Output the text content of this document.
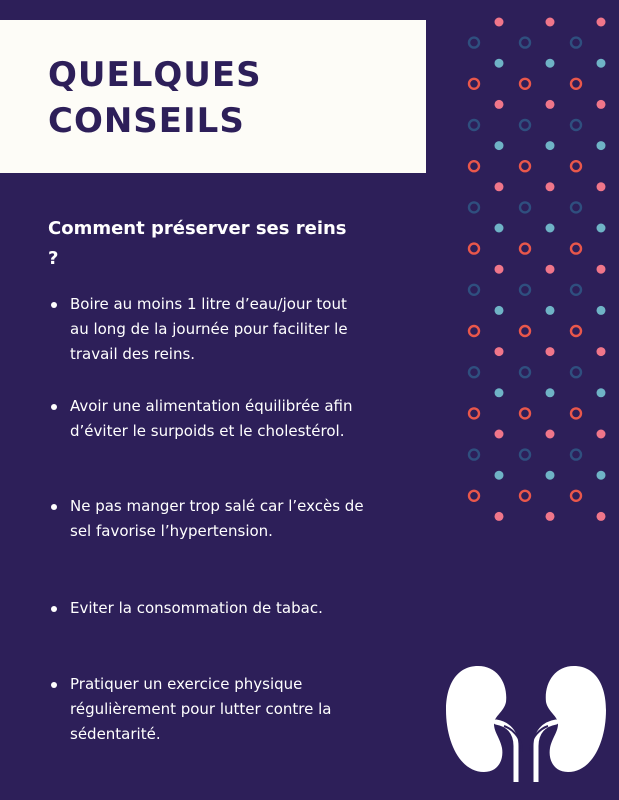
QUELQUES
CONSEILS
Comment préserver ses reins ?
Boire au moins 1 litre d’eau/jour tout au long de la journée pour faciliter le travail des reins.
Avoir une alimentation équilibrée afin d’éviter le surpoids et le cholestérol.
Ne pas manger trop salé car l’excès de sel favorise l’hypertension.
Eviter la consommation de tabac.
Pratiquer un exercice physique régulièrement pour lutter contre la sédentarité.
